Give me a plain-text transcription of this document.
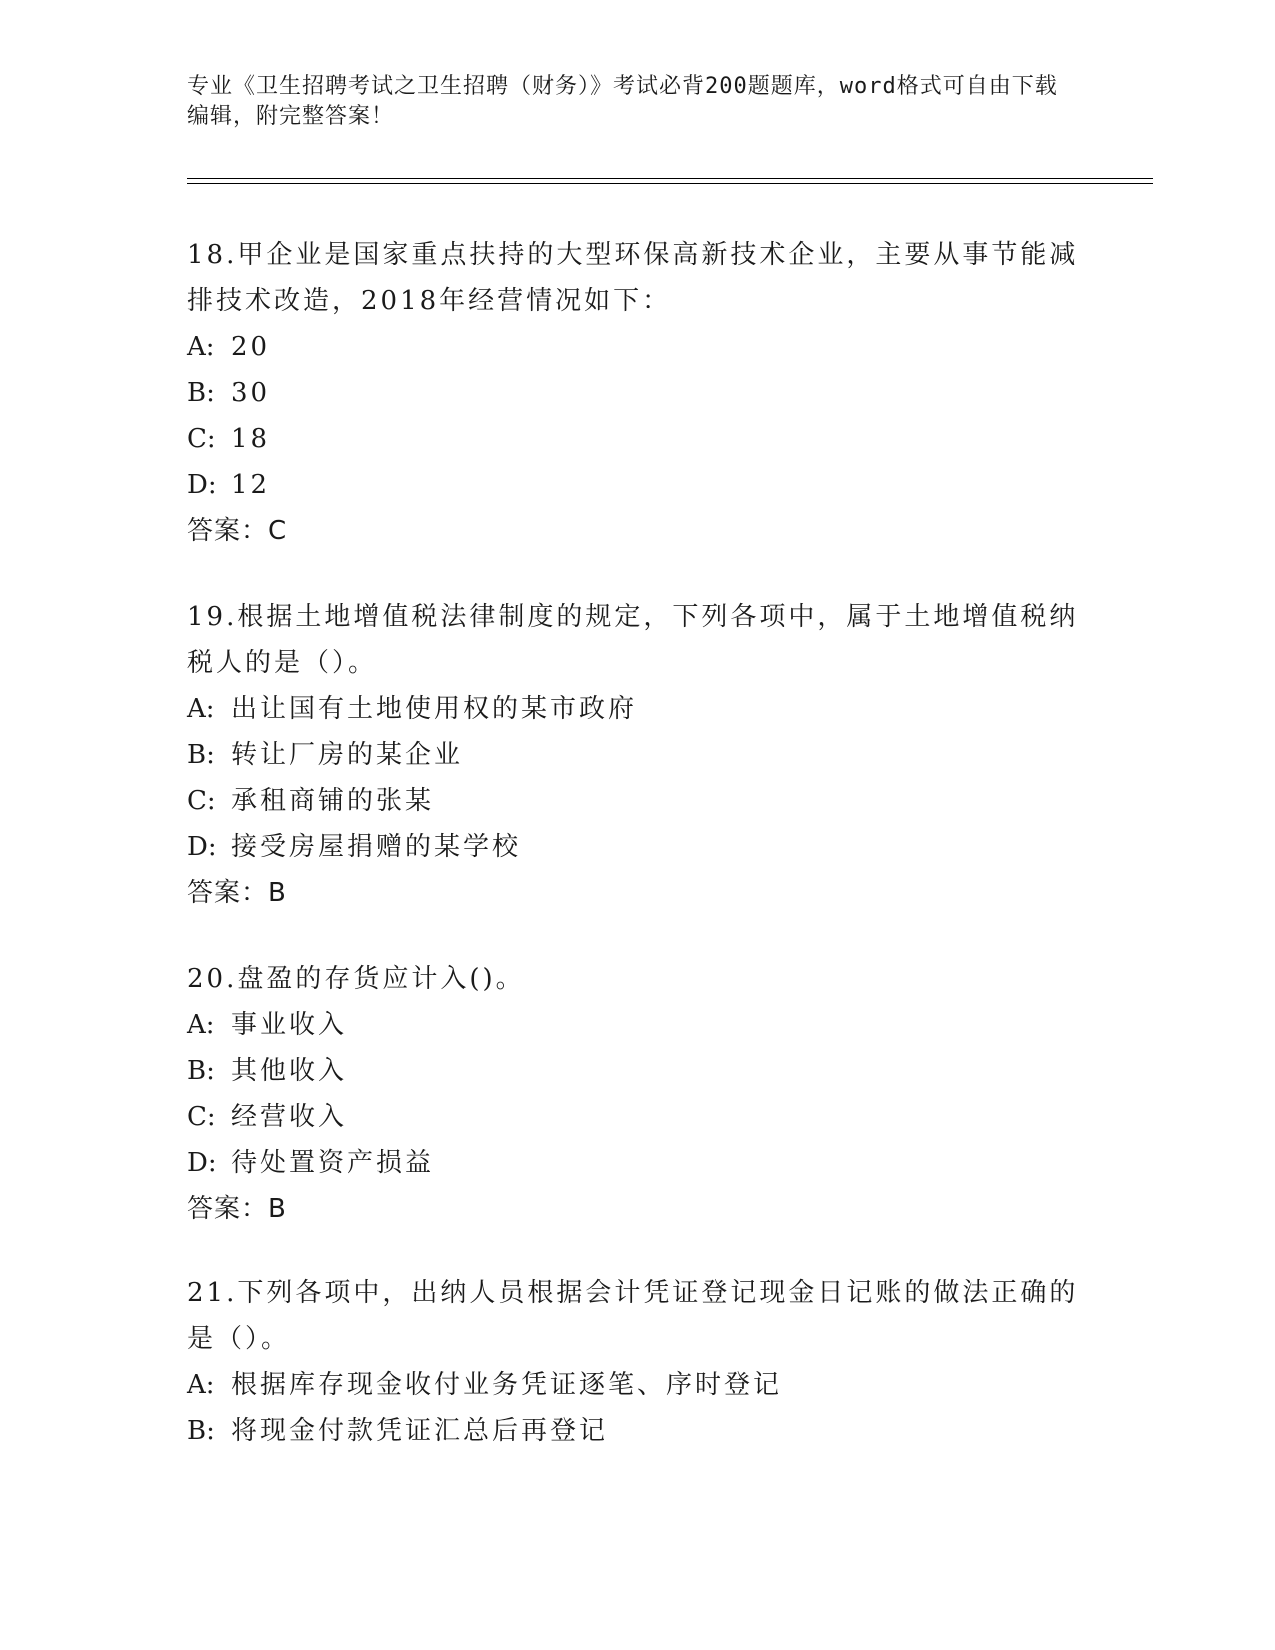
专业《卫生招聘考试之卫生招聘（财务）》考试必背200题题库，word格式可自由下载编辑，附完整答案！
18.甲企业是国家重点扶持的大型环保高新技术企业，主要从事节能减排技术改造，2018年经营情况如下：
A: 20
B: 30
C: 18
D: 12
答案：C
19.根据土地增值税法律制度的规定，下列各项中，属于土地增值税纳税人的是（）。
A: 出让国有土地使用权的某市政府
B: 转让厂房的某企业
C: 承租商铺的张某
D: 接受房屋捐赠的某学校
答案：B
20.盘盈的存货应计入()。
A: 事业收入
B: 其他收入
C: 经营收入
D: 待处置资产损益
答案：B
21.下列各项中，出纳人员根据会计凭证登记现金日记账的做法正确的是（）。
A: 根据库存现金收付业务凭证逐笔、序时登记
B: 将现金付款凭证汇总后再登记
